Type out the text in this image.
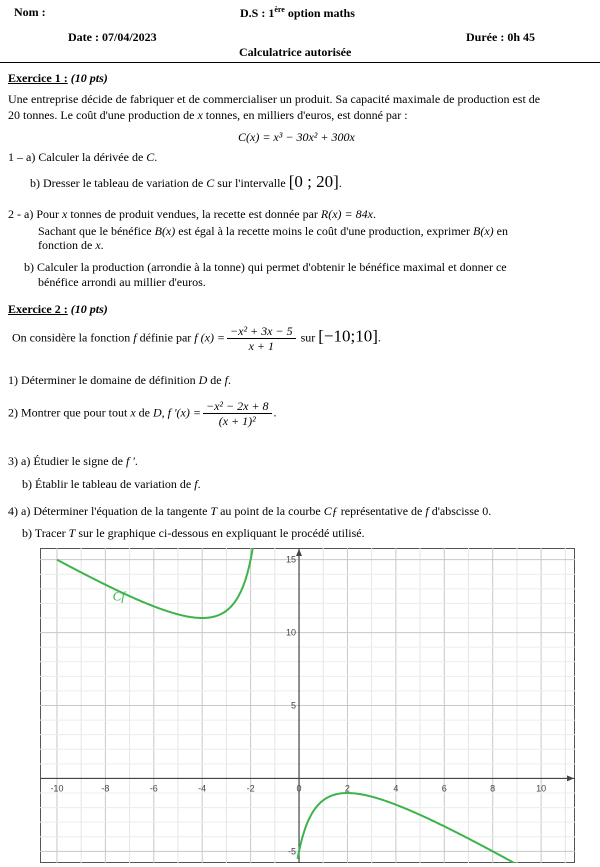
Nom :	D.S : 1ère option maths
Date : 07/04/2023	Durée : 0h 45
Calculatrice autorisée
Exercice 1 : (10 pts)
Une entreprise décide de fabriquer et de commercialiser un produit. Sa capacité maximale de production est de
20 tonnes. Le coût d'une production de x tonnes, en milliers d'euros, est donné par :
C(x) = x³ − 30x² + 300x
1 – a) Calculer la dérivée de C.
b) Dresser le tableau de variation de C sur l'intervalle [0 ; 20].
2 - a) Pour x tonnes de produit vendues, la recette est donnée par R(x) = 84x.
Sachant que le bénéfice B(x) est égal à la recette moins le coût d'une production, exprimer B(x) en
fonction de x.
b) Calculer la production (arrondie à la tonne) qui permet d'obtenir le bénéfice maximal et donner ce
bénéfice arrondi au millier d'euros.
Exercice 2 : (10 pts)
On considère la fonction f définie par f $(x) = \frac{\text{−x² + 3x − 5}}{x + 1}$ sur [−10;10].
1) Déterminer le domaine de définition D de f.
2) Montrer que pour tout x de D, f '$(x) = \frac{\text{−x² − 2x + 8}}{\text{(x + 1)²}}$ .
3) a) Étudier le signe de f '.
b) Établir le tableau de variation de f.
4) a) Déterminer l'équation de la tangente T au point de la courbe Cƒ représentative de f d'abscisse 0.
b) Tracer T sur le graphique ci-dessous en expliquant le procédé utilisé.
-10	-8	-6	-4	-2	0	2	4	6	8	10
-5
5
10
15
Cf
